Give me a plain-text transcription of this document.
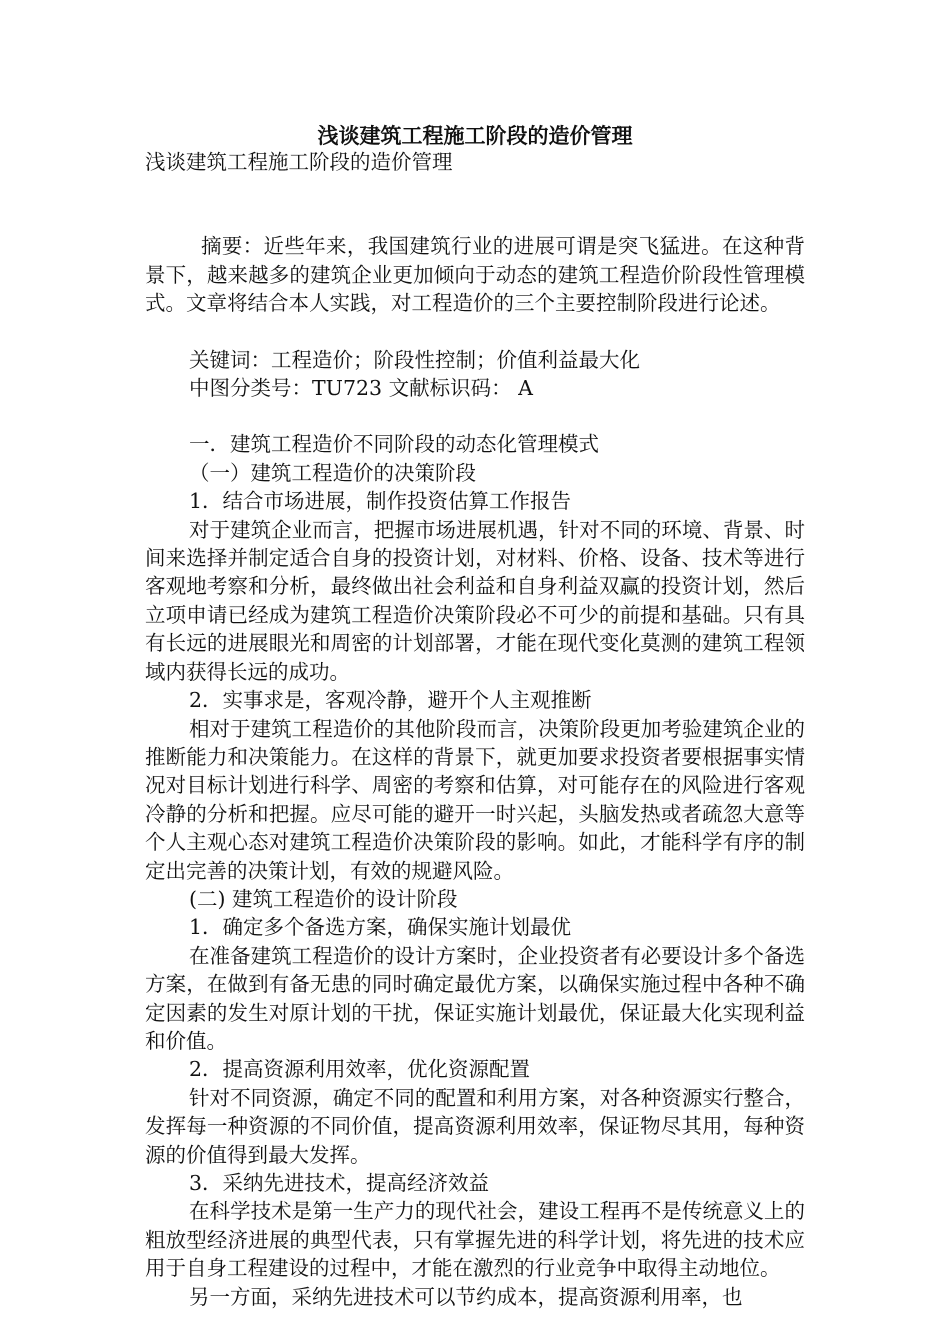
浅谈建筑工程施工阶段的造价管理

浅谈建筑工程施工阶段的造价管理

摘要：近些年来，我国建筑行业的进展可谓是突飞猛进。在这种背景下，越来越多的建筑企业更加倾向于动态的建筑工程造价阶段性管理模式。文章将结合本人实践，对工程造价的三个主要控制阶段进行论述。

关键词：工程造价；阶段性控制；价值利益最大化

中图分类号：TU723 文献标识码： A

一．建筑工程造价不同阶段的动态化管理模式

（一）建筑工程造价的决策阶段

1．结合市场进展，制作投资估算工作报告

对于建筑企业而言，把握市场进展机遇，针对不同的环境、背景、时间来选择并制定适合自身的投资计划，对材料、价格、设备、技术等进行客观地考察和分析，最终做出社会利益和自身利益双赢的投资计划，然后立项申请已经成为建筑工程造价决策阶段必不可少的前提和基础。只有具有长远的进展眼光和周密的计划部署，才能在现代变化莫测的建筑工程领域内获得长远的成功。

2．实事求是，客观冷静，避开个人主观推断

相对于建筑工程造价的其他阶段而言，决策阶段更加考验建筑企业的推断能力和决策能力。在这样的背景下，就更加要求投资者要根据事实情况对目标计划进行科学、周密的考察和估算，对可能存在的风险进行客观冷静的分析和把握。应尽可能的避开一时兴起，头脑发热或者疏忽大意等个人主观心态对建筑工程造价决策阶段的影响。如此，才能科学有序的制定出完善的决策计划，有效的规避风险。

(二) 建筑工程造价的设计阶段

1．确定多个备选方案，确保实施计划最优

在准备建筑工程造价的设计方案时，企业投资者有必要设计多个备选方案，在做到有备无患的同时确定最优方案，以确保实施过程中各种不确定因素的发生对原计划的干扰，保证实施计划最优，保证最大化实现利益和价值。

2．提高资源利用效率，优化资源配置

针对不同资源，确定不同的配置和利用方案，对各种资源实行整合，发挥每一种资源的不同价值，提高资源利用效率，保证物尽其用，每种资源的价值得到最大发挥。

3．采纳先进技术，提高经济效益

在科学技术是第一生产力的现代社会，建设工程再不是传统意义上的粗放型经济进展的典型代表，只有掌握先进的科学计划，将先进的技术应用于自身工程建设的过程中，才能在激烈的行业竞争中取得主动地位。

另一方面，采纳先进技术可以节约成本，提高资源利用率，也
